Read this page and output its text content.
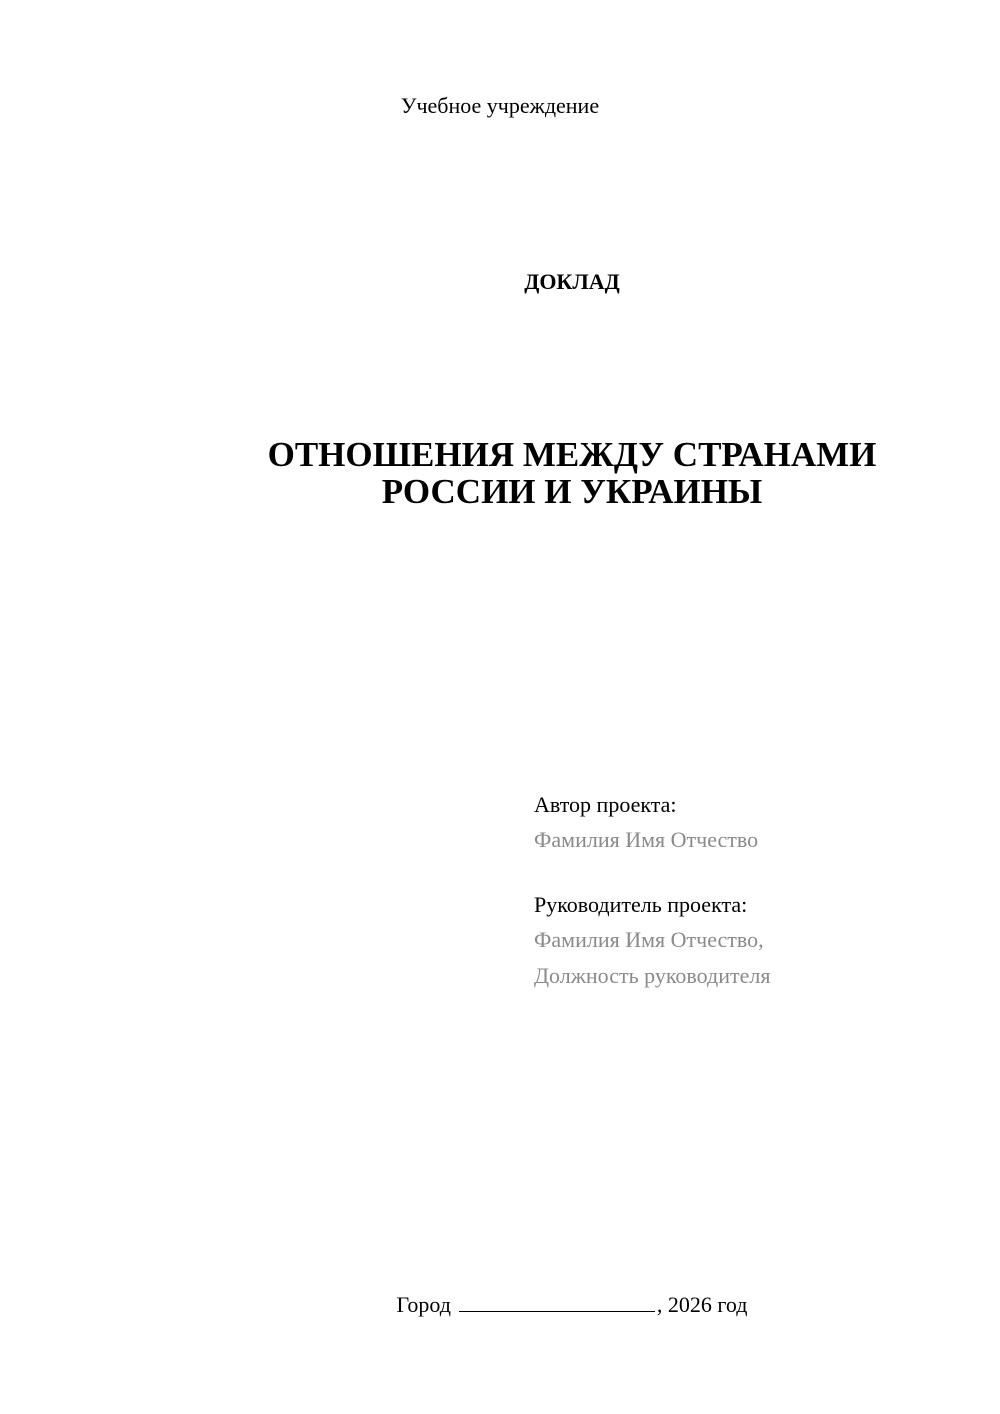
Учебное учреждение

ДОКЛАД

ОТНОШЕНИЯ МЕЖДУ СТРАНАМИ
РОССИИ И УКРАИНЫ

Автор проекта:

Фамилия Имя Отчество

Руководитель проекта:

Фамилия Имя Отчество,

Должность руководителя

Город	, 2026 год
